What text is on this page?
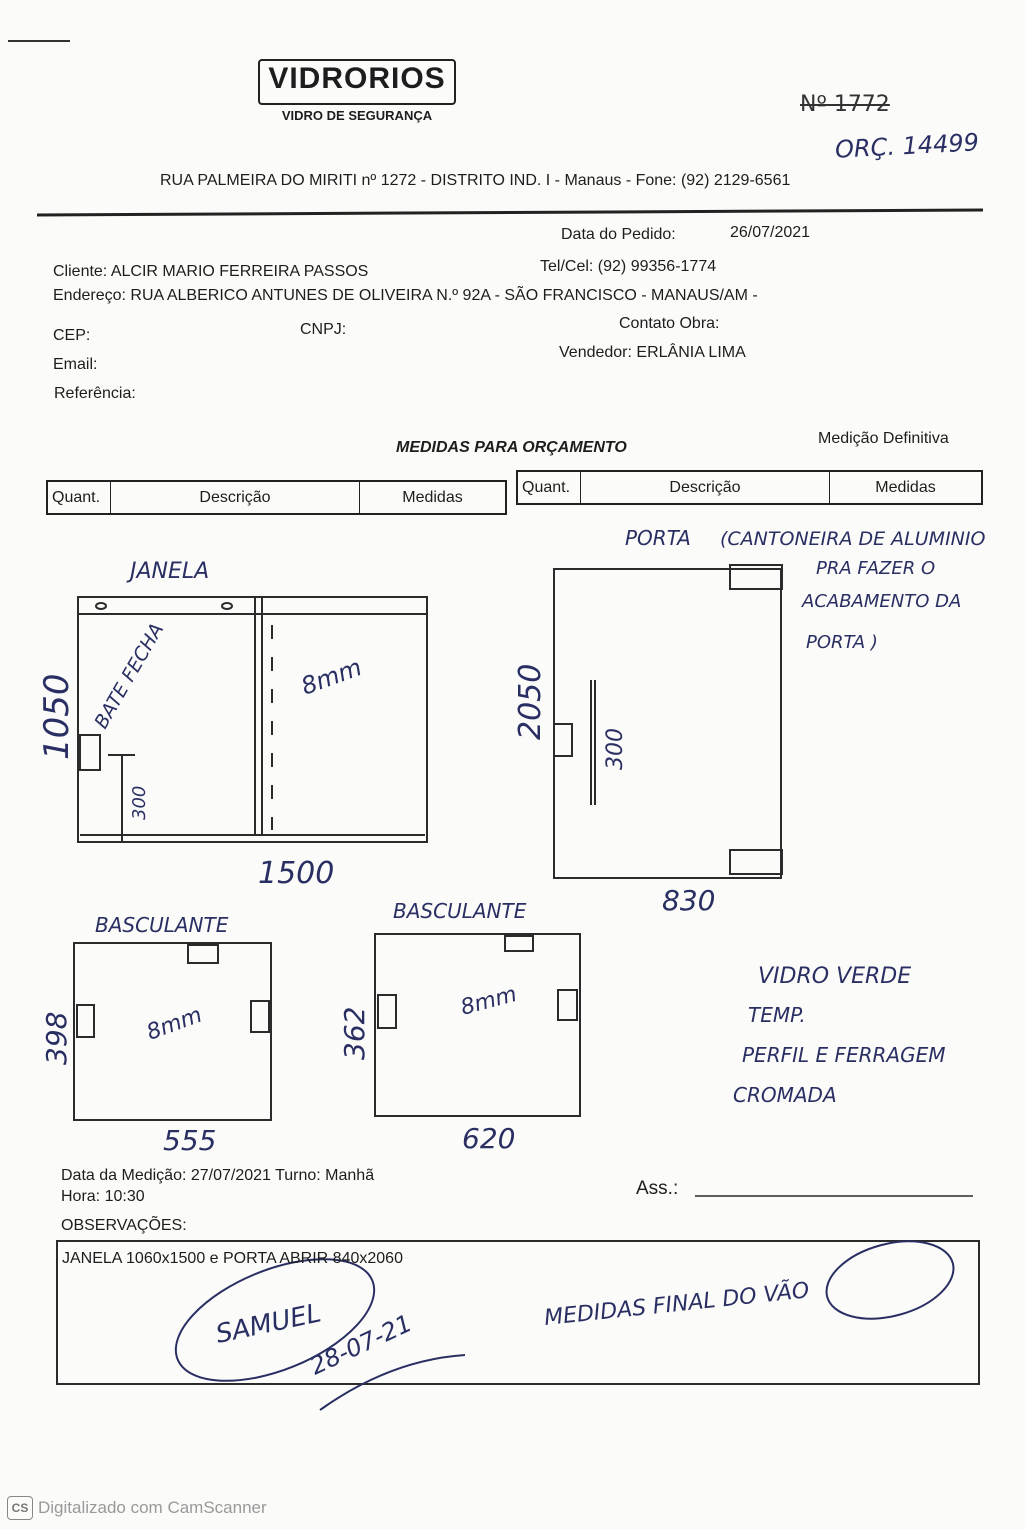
VIDRORIOS
VIDRO DE SEGURANÇA	Nº 1772
ORÇ. 14499
RUA PALMEIRA DO MIRITI nº 1272 - DISTRITO IND. I - Manaus - Fone: (92) 2129-6561
Data do Pedido:	26/07/2021
Cliente: ALCIR MARIO FERREIRA PASSOS	Tel/Cel: (92) 99356-1774
Endereço: RUA ALBERICO ANTUNES DE OLIVEIRA N.º 92A - SÃO FRANCISCO - MANAUS/AM -
CEP:	CNPJ:	Contato Obra:
Email:
Vendedor: ERLÂNIA LIMA
Referência:
MEDIDAS PARA ORÇAMENTO
Medição Definitiva
Quant.	Descrição	Medidas
Quant.	Descrição	Medidas
JANELA
1050
1500
BATE FECHA
300
8mm
PORTA (CANTONEIRA DE ALUMINIO
PRA FAZER O
ACABAMENTO DA
PORTA )
2050
300
830
BASCULANTE
398
555
8mm
BASCULANTE
362
620
8mm
VIDRO VERDE
TEMP.
PERFIL E FERRAGEM
CROMADA
SAMUEL
28-07-21
MEDIDAS FINAL DO VÃO
Data da Medição: 27/07/2021 Turno: Manhã
Hora: 10:30	Ass.:
OBSERVAÇÕES:
JANELA 1060x1500 e PORTA ABRIR 840x2060
CS Digitalizado com CamScanner
